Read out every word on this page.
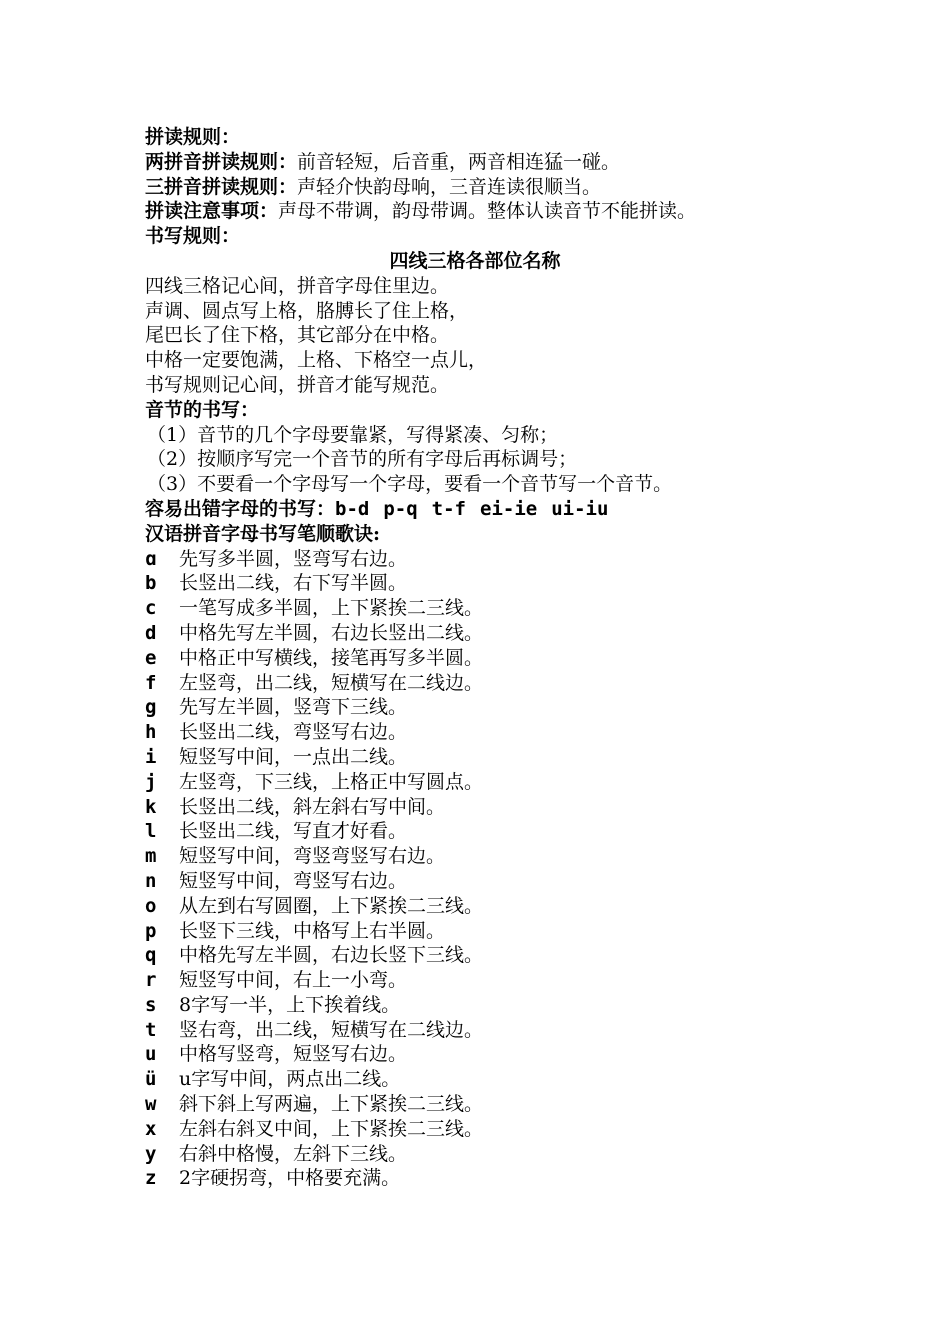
拼读规则：
两拼音拼读规则：前音轻短，后音重，两音相连猛一碰。
三拼音拼读规则：声轻介快韵母响，三音连读很顺当。
拼读注意事项：声母不带调，韵母带调。整体认读音节不能拼读。
书写规则：
四线三格各部位名称
四线三格记心间，拼音字母住里边。
声调、圆点写上格，胳膊长了住上格，
尾巴长了住下格，其它部分在中格。
中格一定要饱满，上格、下格空一点儿，
书写规则记心间，拼音才能写规范。
音节的书写：
（1）音节的几个字母要靠紧，写得紧凑、匀称；
（2）按顺序写完一个音节的所有字母后再标调号；
（3）不要看一个字母写一个字母，要看一个音节写一个音节。
容易出错字母的书写：b-d p-q t-f ei-ie ui-iu
汉语拼音字母书写笔顺歌诀:
ɑ 先写多半圆，竖弯写右边。
b 长竖出二线，右下写半圆。
c 一笔写成多半圆，上下紧挨二三线。
d 中格先写左半圆，右边长竖出二线。
e 中格正中写横线，接笔再写多半圆。
f 左竖弯，出二线，短横写在二线边。
g 先写左半圆，竖弯下三线。
h 长竖出二线，弯竖写右边。
i 短竖写中间，一点出二线。
j 左竖弯，下三线，上格正中写圆点。
k 长竖出二线，斜左斜右写中间。
l 长竖出二线，写直才好看。
m 短竖写中间，弯竖弯竖写右边。
n 短竖写中间，弯竖写右边。
o 从左到右写圆圈，上下紧挨二三线。
p 长竖下三线，中格写上右半圆。
q 中格先写左半圆，右边长竖下三线。
r 短竖写中间，右上一小弯。
s 8字写一半，上下挨着线。
t 竖右弯，出二线，短横写在二线边。
u 中格写竖弯，短竖写右边。
ü u字写中间，两点出二线。
w 斜下斜上写两遍，上下紧挨二三线。
x 左斜右斜叉中间，上下紧挨二三线。
y 右斜中格慢，左斜下三线。
z 2字硬拐弯，中格要充满。
